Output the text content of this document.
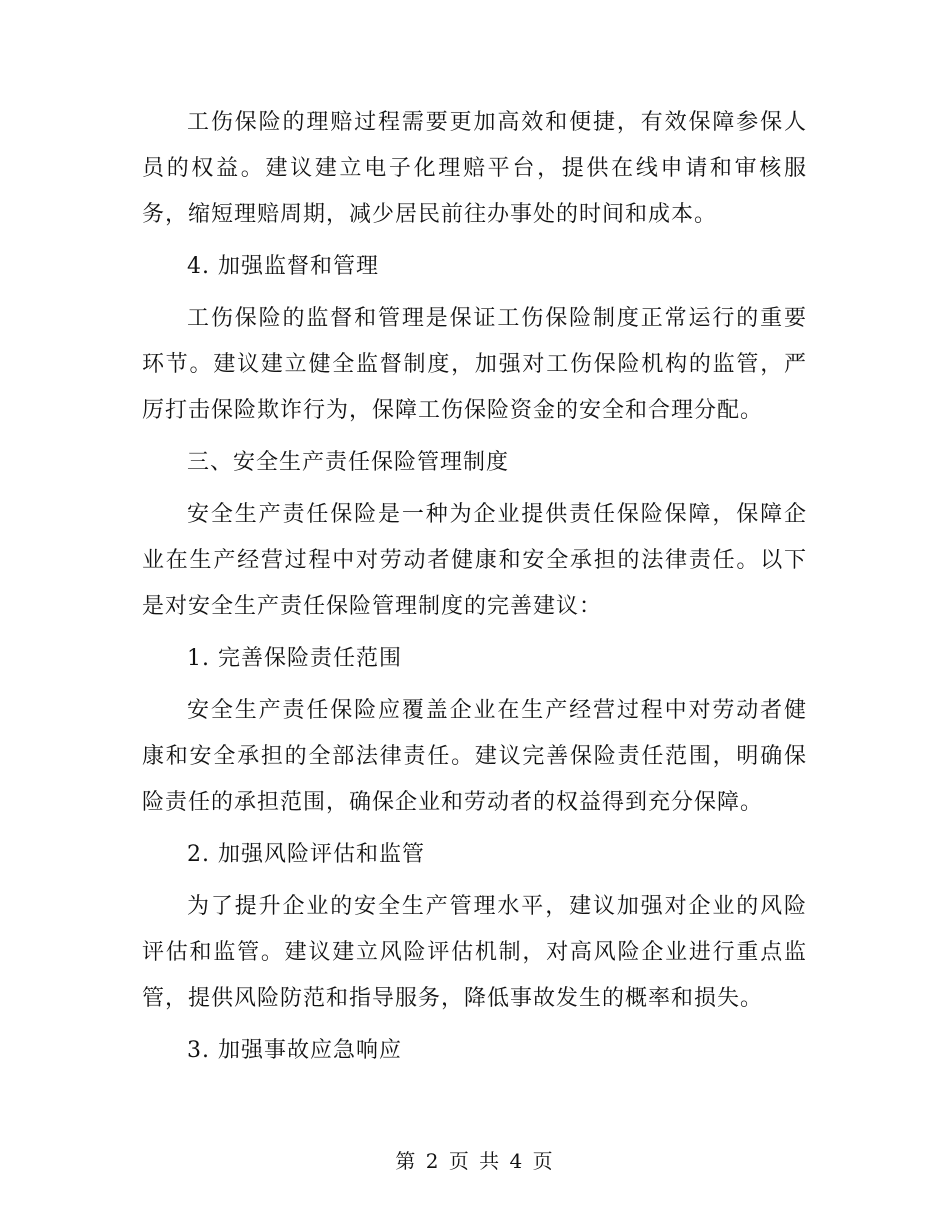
工伤保险的理赔过程需要更加高效和便捷，有效保障参保人员的权益。建议建立电子化理赔平台，提供在线申请和审核服务，缩短理赔周期，减少居民前往办事处的时间和成本。

4. 加强监督和管理

工伤保险的监督和管理是保证工伤保险制度正常运行的重要环节。建议建立健全监督制度，加强对工伤保险机构的监管，严厉打击保险欺诈行为，保障工伤保险资金的安全和合理分配。

三、安全生产责任保险管理制度

安全生产责任保险是一种为企业提供责任保险保障，保障企业在生产经营过程中对劳动者健康和安全承担的法律责任。以下是对安全生产责任保险管理制度的完善建议：

1. 完善保险责任范围

安全生产责任保险应覆盖企业在生产经营过程中对劳动者健康和安全承担的全部法律责任。建议完善保险责任范围，明确保险责任的承担范围，确保企业和劳动者的权益得到充分保障。

2. 加强风险评估和监管

为了提升企业的安全生产管理水平，建议加强对企业的风险评估和监管。建议建立风险评估机制，对高风险企业进行重点监管，提供风险防范和指导服务，降低事故发生的概率和损失。

3. 加强事故应急响应

第 2 页 共 4 页
